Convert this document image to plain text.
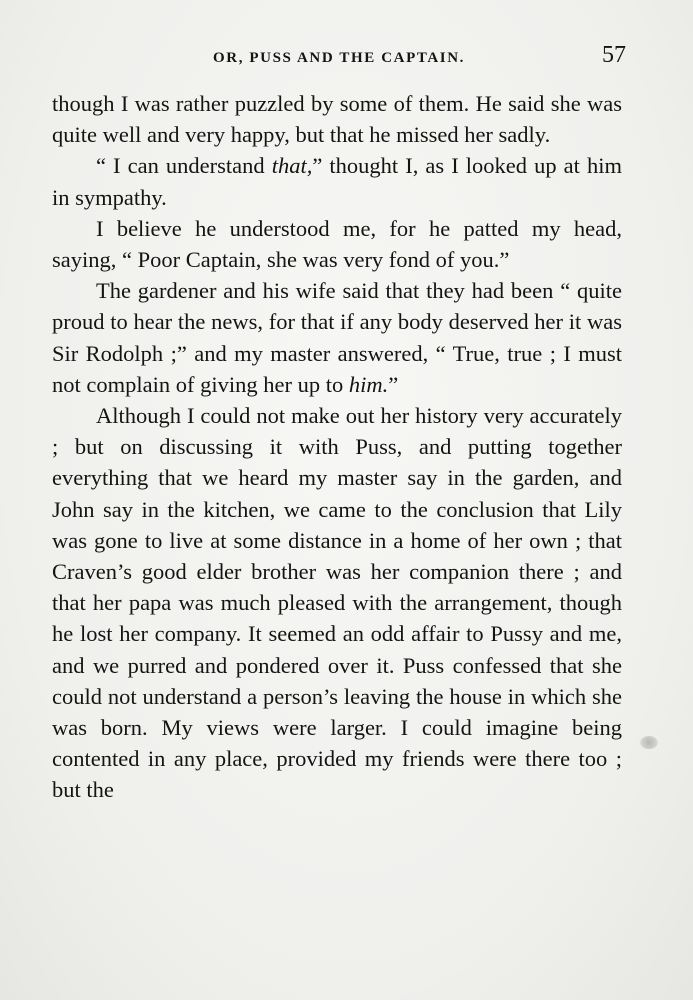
OR, PUSS AND THE CAPTAIN.	57

though I was rather puzzled by some of them. He said she was quite well and very happy, but that he missed her sadly.

“ I can understand that,” thought I, as I looked up at him in sympathy.

I believe he understood me, for he patted my head, saying, “ Poor Captain, she was very fond of you.”

The gardener and his wife said that they had been “ quite proud to hear the news, for that if any body deserved her it was Sir Rodolph ;” and my master answered, “ True, true ; I must not complain of giving her up to him.”

Although I could not make out her history very accurately ; but on discussing it with Puss, and putting together everything that we heard my master say in the garden, and John say in the kitchen, we came to the conclusion that Lily was gone to live at some distance in a home of her own ; that Craven’s good elder brother was her companion there ; and that her papa was much pleased with the arrangement, though he lost her company. It seemed an odd affair to Pussy and me, and we purred and pondered over it. Puss confessed that she could not understand a person’s leaving the house in which she was born. My views were larger. I could imagine being contented in any place, provided my friends were there too ; but the
